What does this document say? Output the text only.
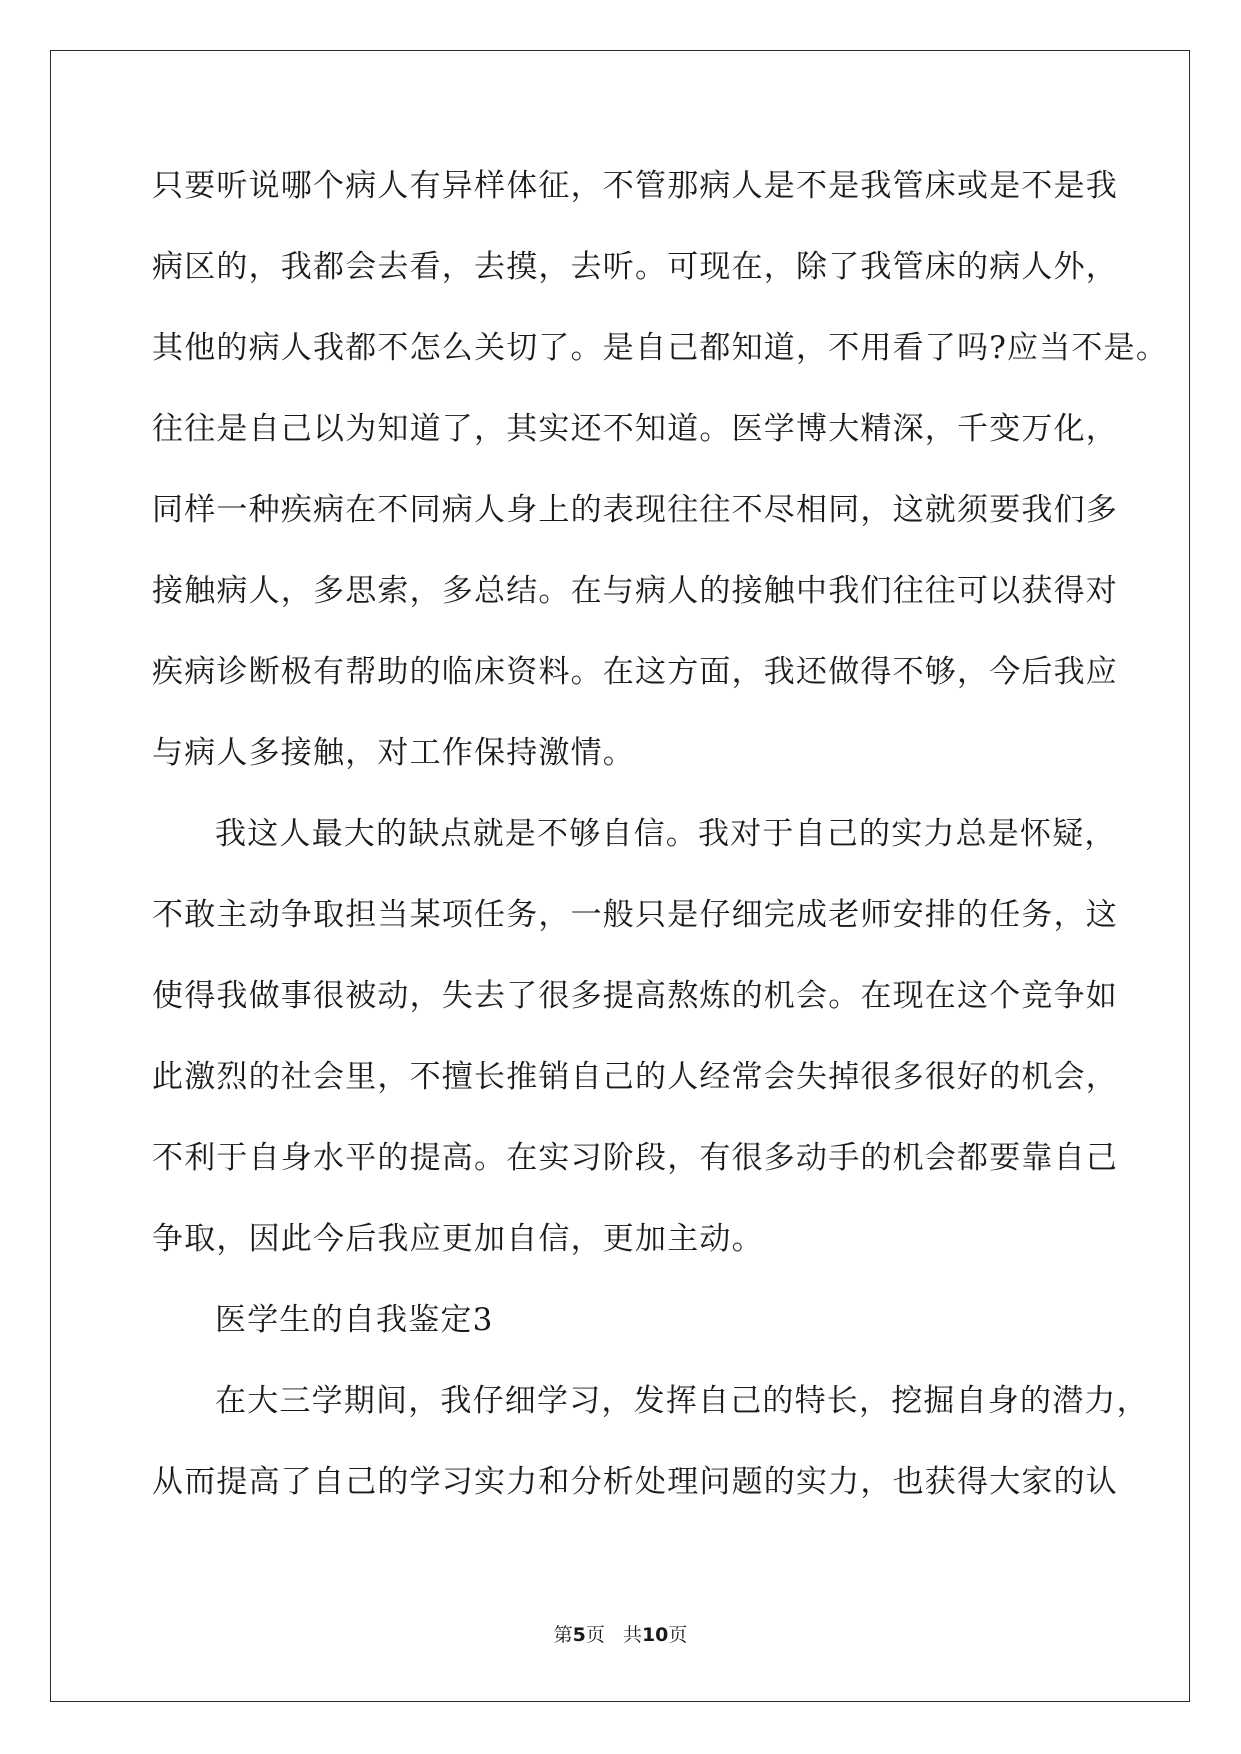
只要听说哪个病人有异样体征，不管那病人是不是我管床或是不是我
病区的，我都会去看，去摸，去听。可现在，除了我管床的病人外，
其他的病人我都不怎么关切了。是自己都知道，不用看了吗?应当不是。
往往是自己以为知道了，其实还不知道。医学博大精深，千变万化，
同样一种疾病在不同病人身上的表现往往不尽相同，这就须要我们多
接触病人，多思索，多总结。在与病人的接触中我们往往可以获得对
疾病诊断极有帮助的临床资料。在这方面，我还做得不够，今后我应
与病人多接触，对工作保持激情。
我这人最大的缺点就是不够自信。我对于自己的实力总是怀疑，
不敢主动争取担当某项任务，一般只是仔细完成老师安排的任务，这
使得我做事很被动，失去了很多提高熬炼的机会。在现在这个竞争如
此激烈的社会里，不擅长推销自己的人经常会失掉很多很好的机会，
不利于自身水平的提高。在实习阶段，有很多动手的机会都要靠自己
争取，因此今后我应更加自信，更加主动。
医学生的自我鉴定3
在大三学期间，我仔细学习，发挥自己的特长，挖掘自身的潜力，
从而提高了自己的学习实力和分析处理问题的实力，也获得大家的认
第5页   共10页
